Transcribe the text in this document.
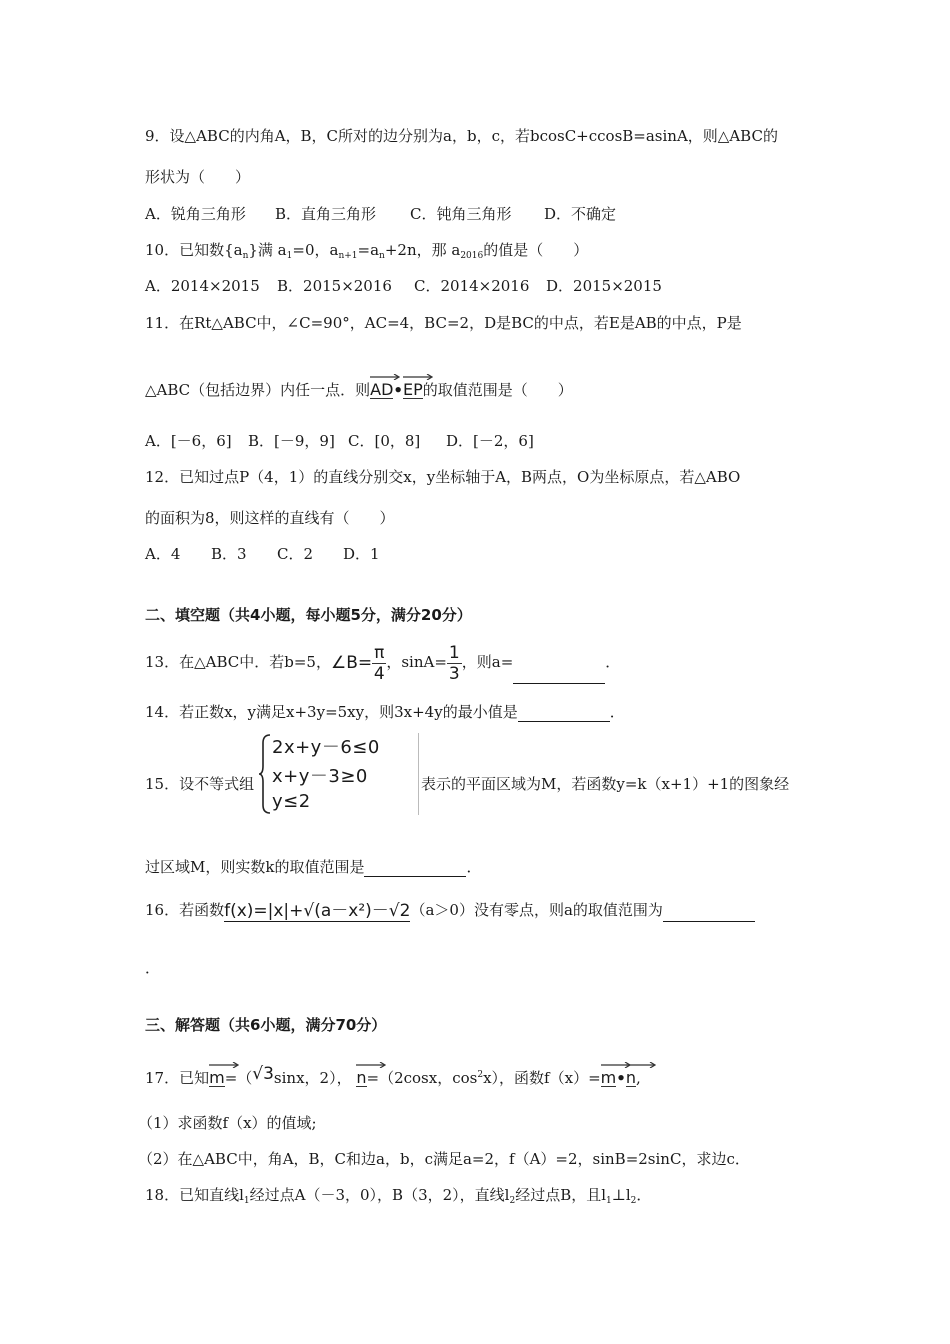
9．设△ABC的内角A，B，C所对的边分别为a，b，c，若bcosC+ccosB=asinA，则△ABC的
形状为（　　）
A．锐角三角形 B．直角三角形 C．钝角三角形 D．不确定
10．已知数$\{a_n\}$满 $a_1=0$，$a_{n+1}=a_n+2n$，那 $a_{2016}$的值是（　　）
A．2014×2015 B．2015×2016 C．2014×2016 D．2015×2015
11．在Rt△ABC中，∠C=90°，AC=4，BC=2，D是BC的中点，若E是AB的中点，P是
△ABC（包括边界）内任一点．则
AD•
EP的取值范围是（　　）
A．[－6，6] B．[－9，9] C．[0，8] D．[－2，6]
12．已知过点P（4，1）的直线分别交x，y坐标轴于A，B两点，O为坐标原点，若△ABO
的面积为8，则这样的直线有（　　）
A．4 B．3 C．2 D．1
二、填空题（共4小题，每小题5分，满分20分）
13．在△ABC中．若b=5，∠B= $\frac{\pi}{4}$ ，$\sin A= \frac{1}{3}$ ，则a=	．
14．若正数x，y满足x+3y=5xy，则3x+4y的最小值是	．
15．设不等式组
2x+y－6≤0
x+y－3≥0
y≤2
表示的平面区域为M，若函数y=k（x+1）+1的图象经
过区域M，则实数k的取值范围是	．
16．若函数f(x)=|x|+√(a－x²)－√2（a＞0）没有零点，则a的取值范围为
．
三、解答题（共6小题，满分70分）
17．已知
m=（√3sinx，2）， n=（2cosx，$\cos^2x$），函数f（x）=
m•
n,
（1）求函数f（x）的值域;
（2）在△ABC中，角A，B，C和边a，b，c满足a=2，f（A）=2，sinB=2sinC，求边c．
18．已知直线$l_1$经过点A（－3，0），B（3，2），直线$l_2$经过点B，且$l_1\perp l_2$．
